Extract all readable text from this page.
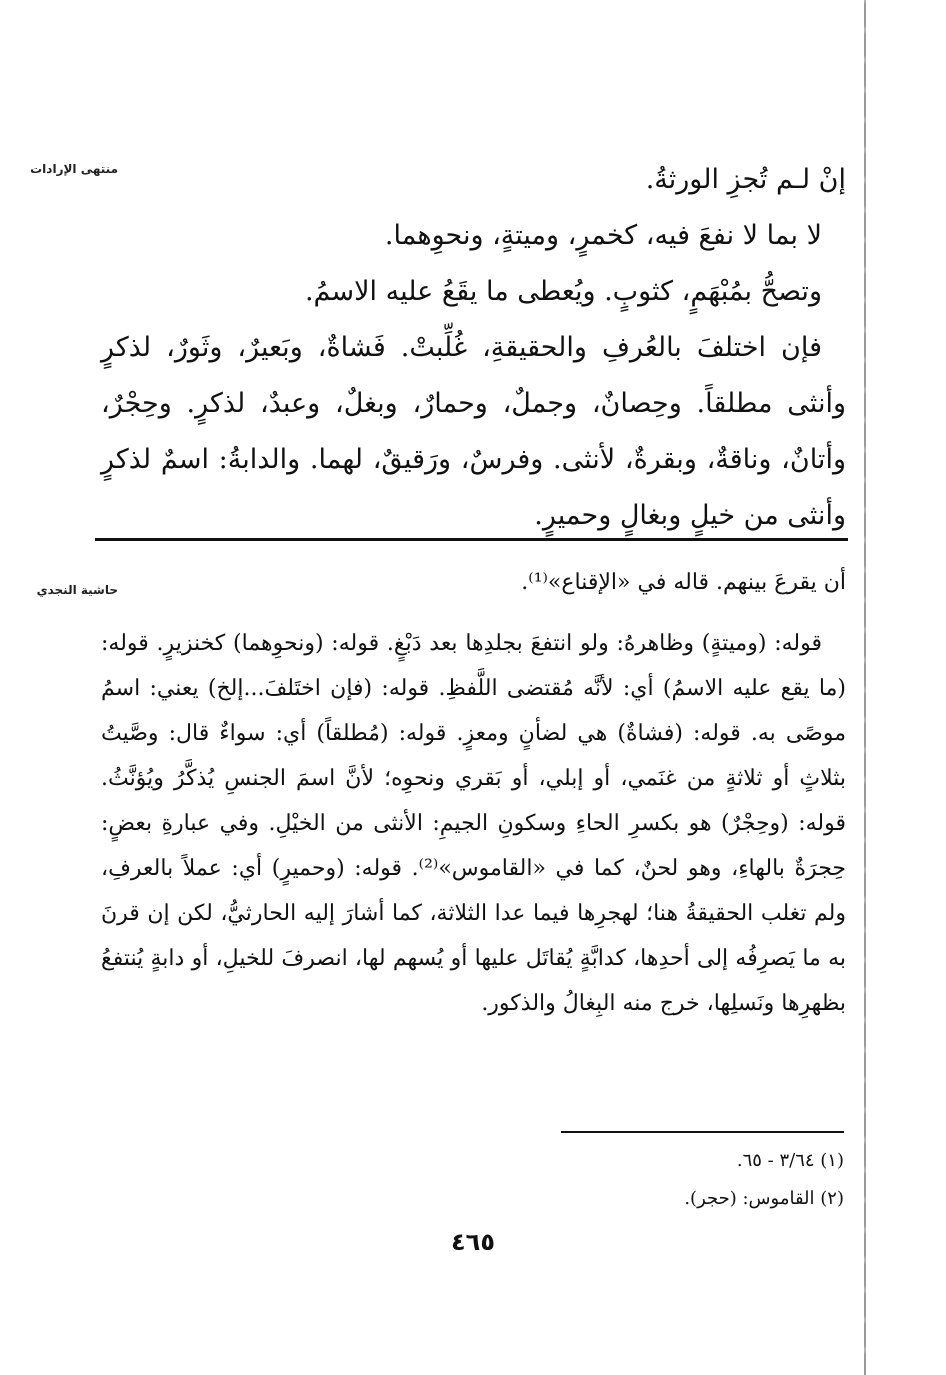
منتهى الإرادات
حاشية النجدي

إنْ لـم تُجزِ الورثةُ.

لا بما لا نفعَ فيه، كخمرٍ، وميتةٍ، ونحوِهما.

وتصحُّ بمُبْهَمٍ، كثوبٍ. ويُعطى ما يقَعُ عليه الاسمُ.

فإن اختلفَ بالعُرفِ والحقيقةِ، غُلِّبتْ. فَشاةٌ، وبَعيرٌ، وثَورٌ، لذكرٍ وأنثى مطلقاً. وحِصانٌ، وجملٌ، وحمارٌ، وبغلٌ، وعبدٌ، لذكرٍ. وحِجْرٌ، وأتانٌ، وناقةٌ، وبقرةٌ، لأنثى. وفرسٌ، ورَقيقٌ، لهما. والدابةُ: اسمٌ لذكرٍ وأنثى من خيلٍ وبغالٍ وحميرٍ.

أن يقرعَ بينهم. قاله في «الإقناع»⁽¹⁾.

قوله: (وميتةٍ) وظاهرهُ: ولو انتفعَ بجلدِها بعد دَبْغٍ. قوله: (ونحوِهما) كخنزيرٍ. قوله: (ما يقع عليه الاسمُ) أي: لأنَّه مُقتضى اللَّفظِ. قوله: (فإن اختَلفَ...إلخ) يعني: اسمُ موصًى به. قوله: (فشاةٌ) هي لضأنٍ ومعزٍ. قوله: (مُطلقاً) أي: سواءٌ قال: وصَّيتُ بثلاثٍ أو ثلاثةٍ من غنَمي، أو إبلي، أو بَقري ونحوِه؛ لأنَّ اسمَ الجنسِ يُذكَّرُ ويُؤنَّثُ. قوله: (وحِجْرٌ) هو بكسرِ الحاءِ وسكونِ الجيمِ: الأنثى من الخيْلِ. وفي عبارةِ بعضٍ: حِجرَةٌ بالهاءِ، وهو لحنٌ، كما في «القاموس»⁽²⁾. قوله: (وحميرٍ) أي: عملاً بالعرفِ، ولم تغلب الحقيقةُ هنا؛ لهجرِها فيما عدا الثلاثة، كما أشارَ إليه الحارثيُّ، لكن إن قرنَ به ما يَصرِفُه إلى أحدِها، كدابَّةٍ يُقاتَل عليها أو يُسهم لها، انصرفَ للخيلِ، أو دابةٍ يُنتفعُ بظهرِها ونَسلِها، خرج منه البِغالُ والذكور.

(١) ٣/٦٤ - ٦٥.

(٢) القاموس: (حجر).

٤٦٥
